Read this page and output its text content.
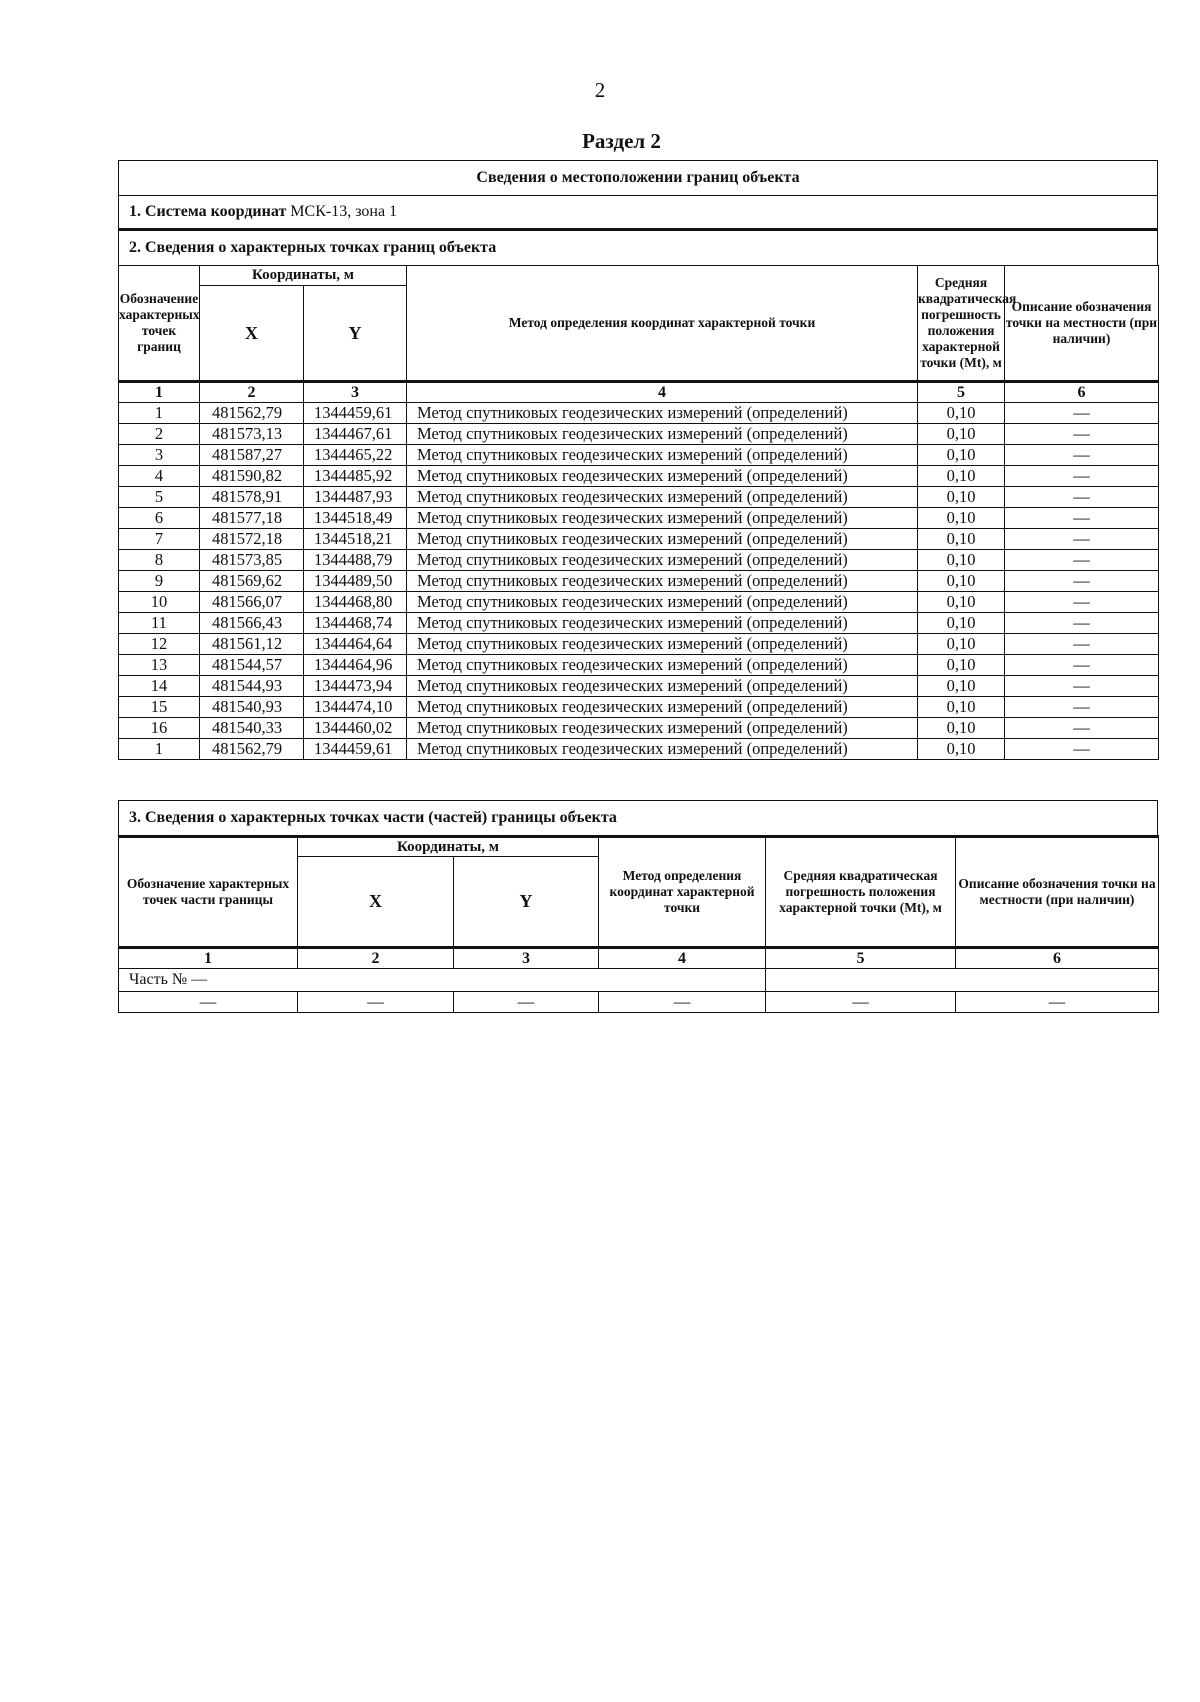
2
Раздел 2
Сведения о местоположении границ объекта
1. Система координат МСК-13, зона 1
2. Сведения о характерных точках границ объекта
Обозначение характерных точек границ	Координаты, м		Метод определения координат характерной точки	Средняя квадратическая погрешность положения характерной точки (Mt), м	Описание обозначения точки на местности (при наличии)
	X	Y			
1	2	3	4	5	6
1	481562,79	1344459,61	Метод спутниковых геодезических измерений (определений)	0,10	—
2	481573,13	1344467,61	Метод спутниковых геодезических измерений (определений)	0,10	—
3	481587,27	1344465,22	Метод спутниковых геодезических измерений (определений)	0,10	—
4	481590,82	1344485,92	Метод спутниковых геодезических измерений (определений)	0,10	—
5	481578,91	1344487,93	Метод спутниковых геодезических измерений (определений)	0,10	—
6	481577,18	1344518,49	Метод спутниковых геодезических измерений (определений)	0,10	—
7	481572,18	1344518,21	Метод спутниковых геодезических измерений (определений)	0,10	—
8	481573,85	1344488,79	Метод спутниковых геодезических измерений (определений)	0,10	—
9	481569,62	1344489,50	Метод спутниковых геодезических измерений (определений)	0,10	—
10	481566,07	1344468,80	Метод спутниковых геодезических измерений (определений)	0,10	—
11	481566,43	1344468,74	Метод спутниковых геодезических измерений (определений)	0,10	—
12	481561,12	1344464,64	Метод спутниковых геодезических измерений (определений)	0,10	—
13	481544,57	1344464,96	Метод спутниковых геодезических измерений (определений)	0,10	—
14	481544,93	1344473,94	Метод спутниковых геодезических измерений (определений)	0,10	—
15	481540,93	1344474,10	Метод спутниковых геодезических измерений (определений)	0,10	—
16	481540,33	1344460,02	Метод спутниковых геодезических измерений (определений)	0,10	—
1	481562,79	1344459,61	Метод спутниковых геодезических измерений (определений)	0,10	—
3. Сведения о характерных точках части (частей) границы объекта
Обозначение характерных точек части границы	Координаты, м		Метод определения координат характерной точки	Средняя квадратическая погрешность положения характерной точки (Mt), м	Описание обозначения точки на местности (при наличии)
	X	Y			
1	2	3	4	5	6
Часть № —					
—	—	—	—	—	—
